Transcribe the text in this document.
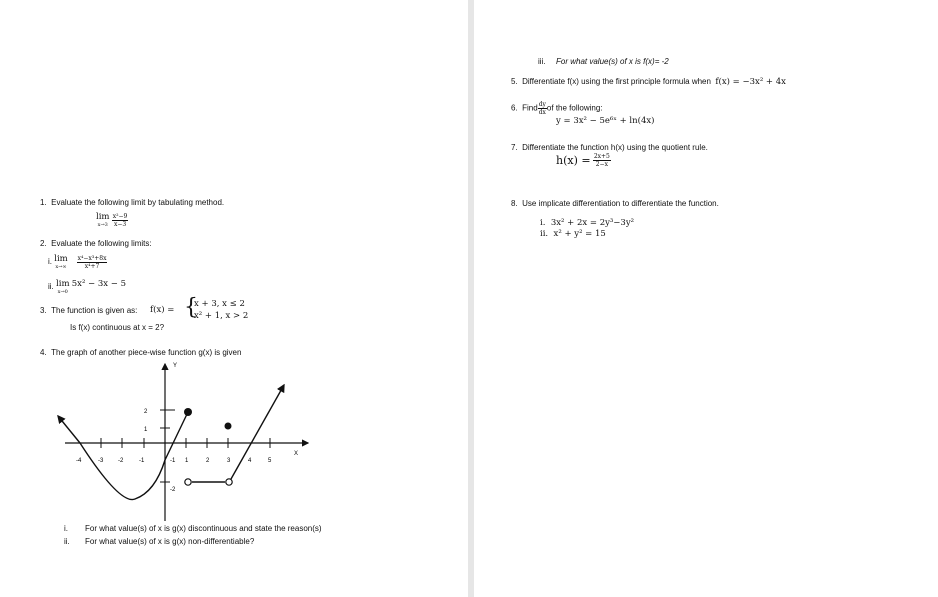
1. Evaluate the following limit by tabulating method.
lim
x→3
$\frac{\text{x²−9}}{x-3}$
2. Evaluate the following limits:
i. lim
x→∞
$\frac{\text{x⁴−x³+8x}}{\text{x⁴+7}}$
ii. lim
x→0
5x² − 3x − 5
3. The function is given as: f(x) = {
x + 3, x ≤ 2
x² + 1, x > 2
Is f(x) continuous at x = 2?
4. The graph of another piece-wise function g(x) is given
-4	-3 -2	-1	-1 1	2	3	4	5
X
Y
2
1
-2
i. For what value(s) of x is g(x) discontinuous and state the reason(s)
ii. For what value(s) of x is g(x) non-differentiable?
iii. For what value(s) of x is f(x)= -2
5. Differentiate f(x) using the first principle formula when f(x) = −3x² + 4x
6. Find $\frac{dy}{dx}$ of the following:
y = 3x² − 5e⁶ˣ + ln(4x)
7. Differentiate the function h(x) using the quotient rule.
$h(x) = \frac{2x+5}{2-x}$
8. Use implicate differentiation to differentiate the function.
i. 3x² + 2x = 2y³−3y²
ii. x² + y² = 15
